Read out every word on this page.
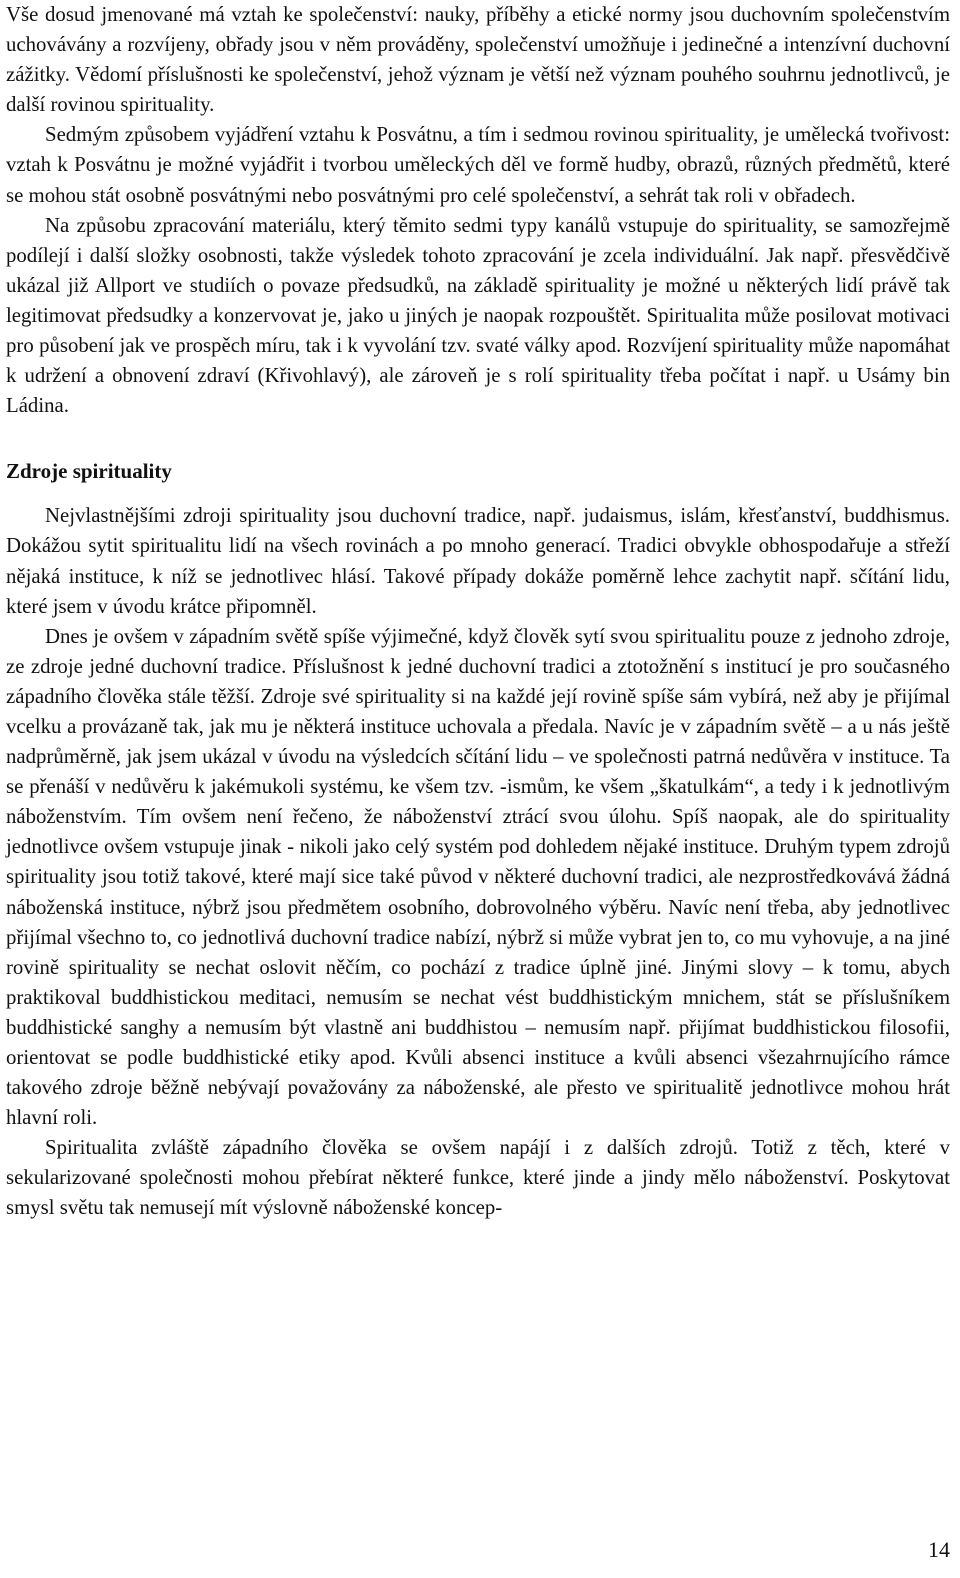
Vše dosud jmenované má vztah ke společenství: nauky, příběhy a etické normy jsou duchovním společenstvím uchovávány a rozvíjeny, obřady jsou v něm prováděny, společenství umožňuje i jedinečné a intenzívní duchovní zážitky. Vědomí příslušnosti ke společenství, jehož význam je větší než význam pouhého souhrnu jednotlivců, je další rovinou spirituality.

Sedmým způsobem vyjádření vztahu k Posvátnu, a tím i sedmou rovinou spirituality, je umělecká tvořivost: vztah k Posvátnu je možné vyjádřit i tvorbou uměleckých děl ve formě hudby, obrazů, různých předmětů, které se mohou stát osobně posvátnými nebo posvátnými pro celé společenství, a sehrát tak roli v obřadech.

Na způsobu zpracování materiálu, který těmito sedmi typy kanálů vstupuje do spirituality, se samozřejmě podílejí i další složky osobnosti, takže výsledek tohoto zpracování je zcela individuální. Jak např. přesvědčivě ukázal již Allport ve studiích o povaze předsudků, na základě spirituality je možné u některých lidí právě tak legitimovat předsudky a konzervovat je, jako u jiných je naopak rozpouštět. Spiritualita může posilovat motivaci pro působení jak ve prospěch míru, tak i k vyvolání tzv. svaté války apod. Rozvíjení spirituality může napomáhat k udržení a obnovení zdraví (Křivohlavý), ale zároveň je s rolí spirituality třeba počítat i např. u Usámy bin Ládina.

Zdroje spirituality

Nejvlastnějšími zdroji spirituality jsou duchovní tradice, např. judaismus, islám, křesťanství, buddhismus. Dokážou sytit spiritualitu lidí na všech rovinách a po mnoho generací. Tradici obvykle obhospodařuje a střeží nějaká instituce, k níž se jednotlivec hlásí. Takové případy dokáže poměrně lehce zachytit např. sčítání lidu, které jsem v úvodu krátce připomněl.

Dnes je ovšem v západním světě spíše výjimečné, když člověk sytí svou spiritualitu pouze z jednoho zdroje, ze zdroje jedné duchovní tradice. Příslušnost k jedné duchovní tradici a ztotožnění s institucí je pro současného západního člověka stále těžší. Zdroje své spirituality si na každé její rovině spíše sám vybírá, než aby je přijímal vcelku a provázaně tak, jak mu je některá instituce uchovala a předala. Navíc je v západním světě – a u nás ještě nadprůměrně, jak jsem ukázal v úvodu na výsledcích sčítání lidu – ve společnosti patrná nedůvěra v instituce. Ta se přenáší v nedůvěru k jakémukoli systému, ke všem tzv. -ismům, ke všem „škatulkám“, a tedy i k jednotlivým náboženstvím. Tím ovšem není řečeno, že náboženství ztrácí svou úlohu. Spíš naopak, ale do spirituality jednotlivce ovšem vstupuje jinak - nikoli jako celý systém pod dohledem nějaké instituce. Druhým typem zdrojů spirituality jsou totiž takové, které mají sice také původ v některé duchovní tradici, ale nezprostředkovává žádná náboženská instituce, nýbrž jsou předmětem osobního, dobrovolného výběru. Navíc není třeba, aby jednotlivec přijímal všechno to, co jednotlivá duchovní tradice nabízí, nýbrž si může vybrat jen to, co mu vyhovuje, a na jiné rovině spirituality se nechat oslovit něčím, co pochází z tradice úplně jiné. Jinými slovy – k tomu, abych praktikoval buddhistickou meditaci, nemusím se nechat vést buddhistickým mnichem, stát se příslušníkem buddhistické sanghy a nemusím být vlastně ani buddhistou – nemusím např. přijímat buddhistickou filosofii, orientovat se podle buddhistické etiky apod. Kvůli absenci instituce a kvůli absenci všezahrnujícího rámce takového zdroje běžně nebývají považovány za náboženské, ale přesto ve spiritualitě jednotlivce mohou hrát hlavní roli.

Spiritualita zvláště západního člověka se ovšem napájí i z dalších zdrojů. Totiž z těch, které v sekularizované společnosti mohou přebírat některé funkce, které jinde a jindy mělo náboženství. Poskytovat smysl světu tak nemusejí mít výslovně náboženské koncep-

14
